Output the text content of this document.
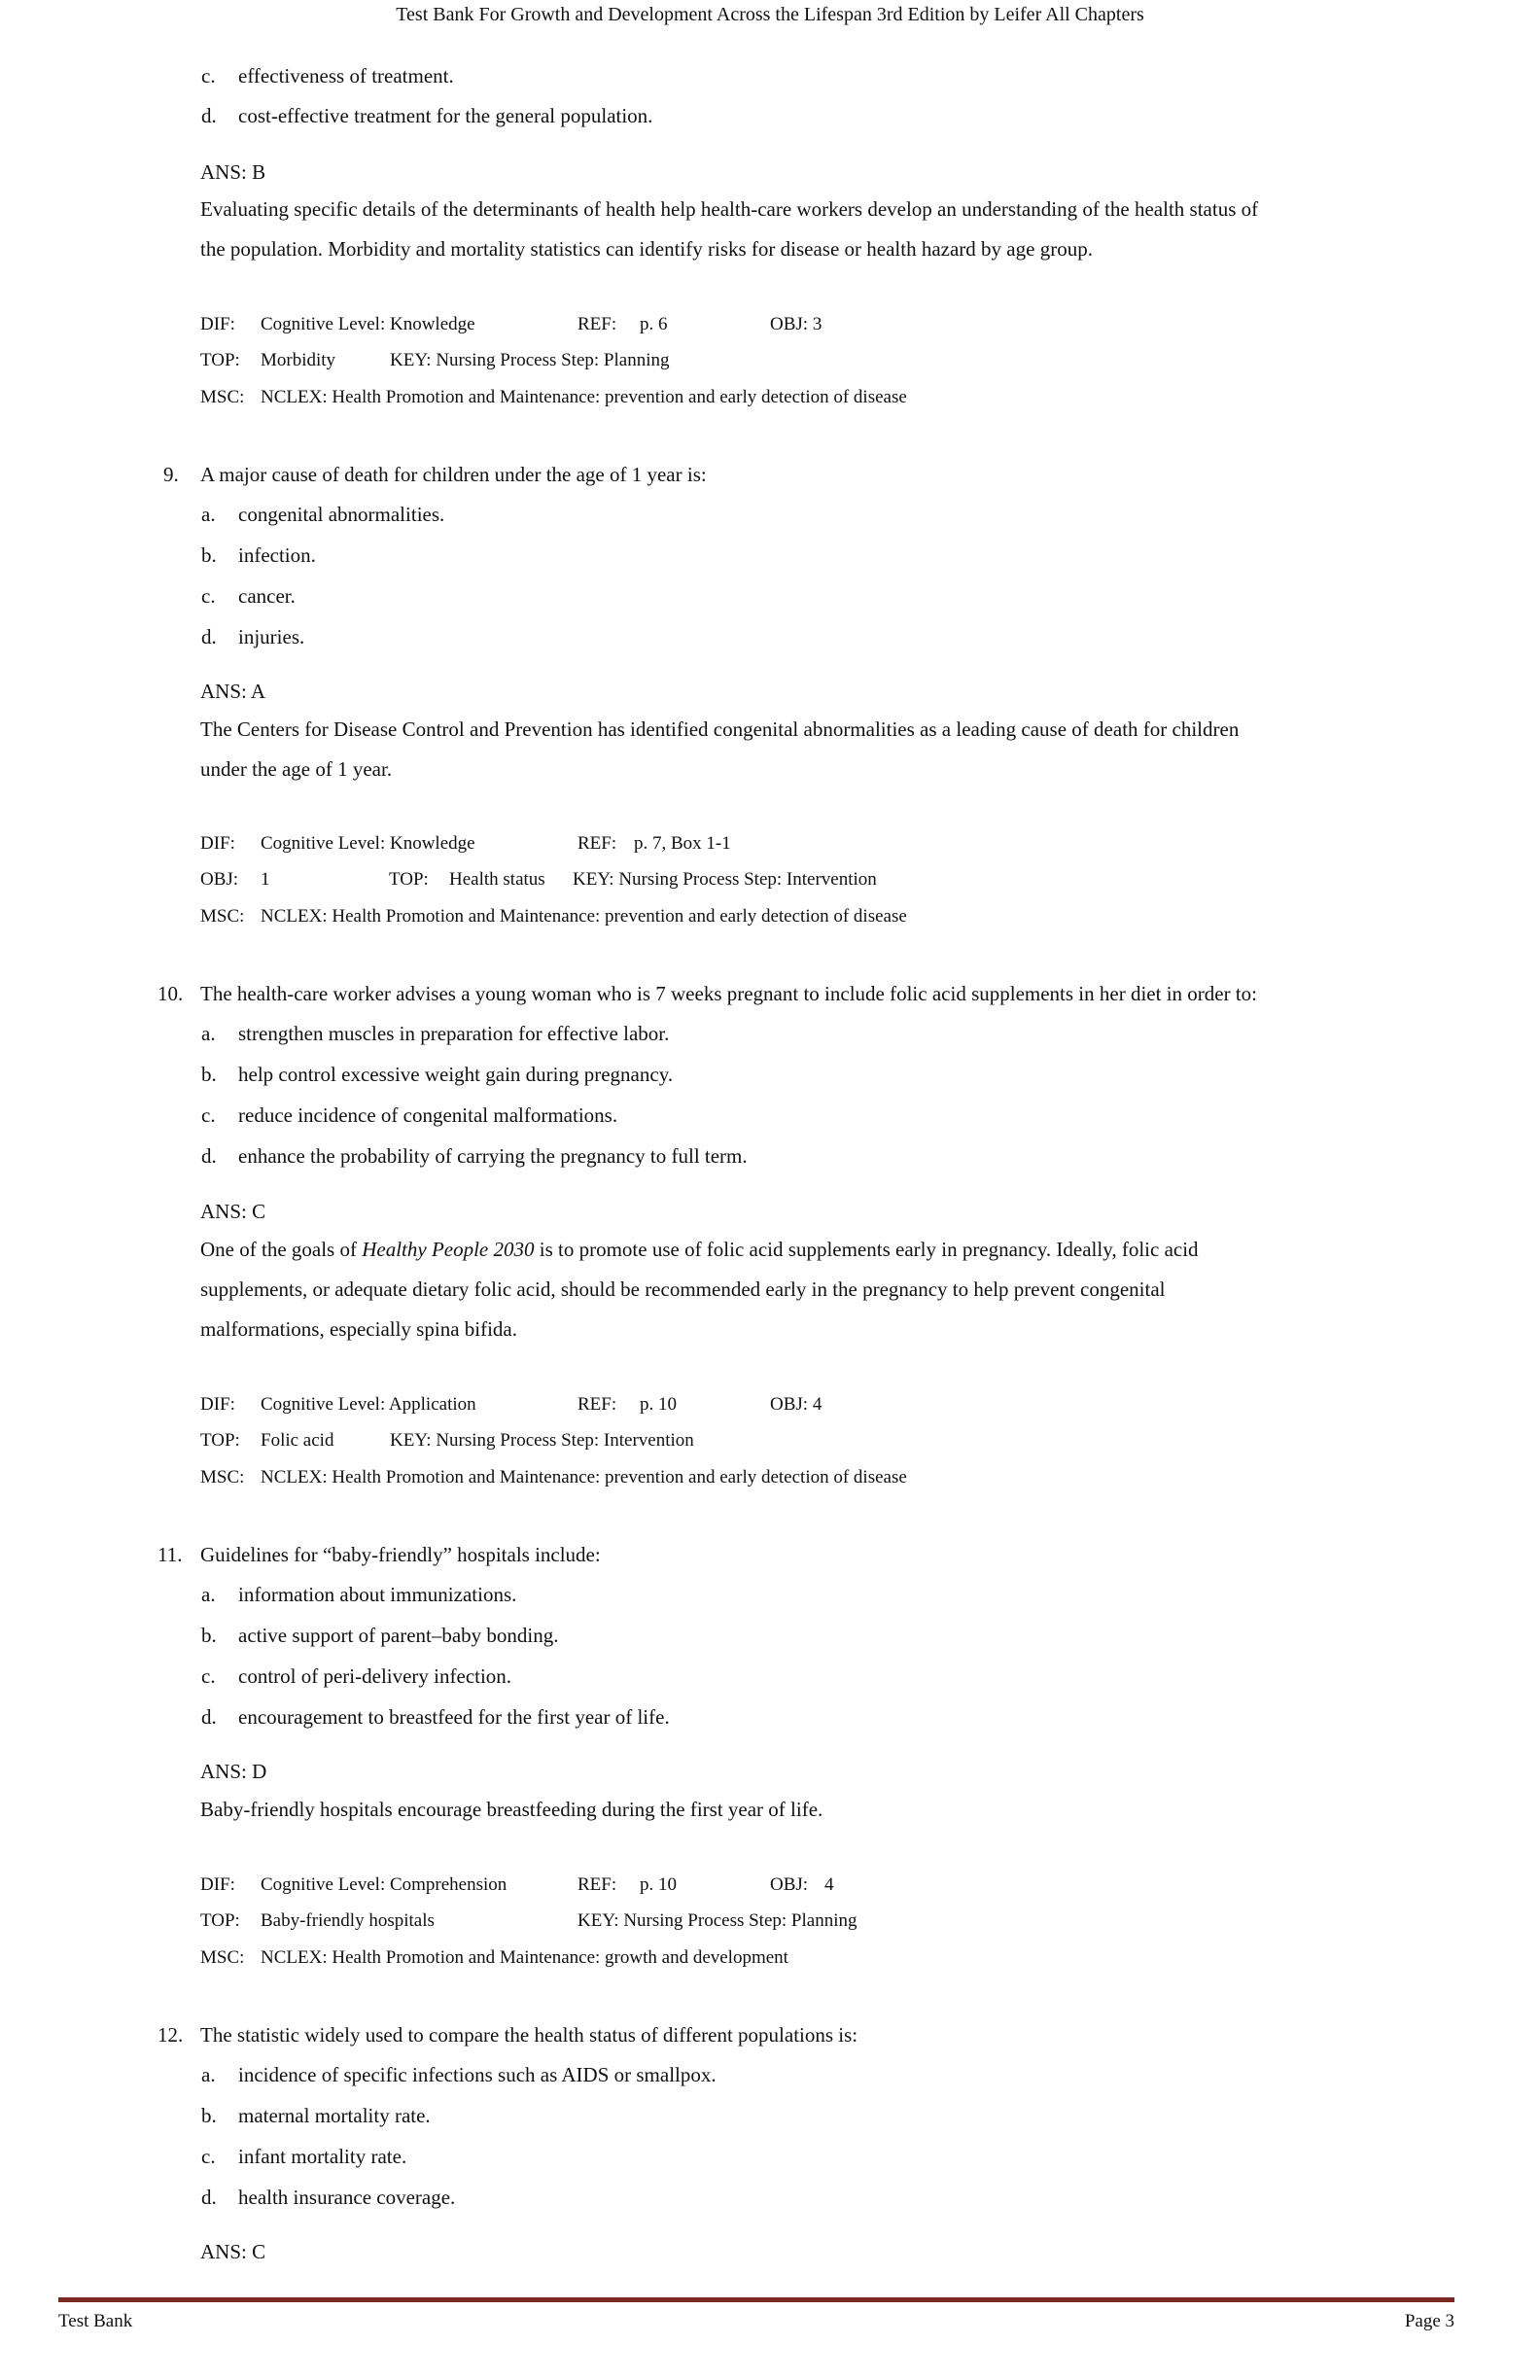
Test Bank For Growth and Development Across the Lifespan 3rd Edition by Leifer All Chapters
c. effectiveness of treatment.
d. cost-effective treatment for the general population.
ANS: B
Evaluating specific details of the determinants of health help health-care workers develop an understanding of the health status of
the population. Morbidity and mortality statistics can identify risks for disease or health hazard by age group.
DIF: Cognitive Level: Knowledge	REF: p. 6	OBJ: 3
TOP: Morbidity	KEY: Nursing Process Step: Planning
MSC: NCLEX: Health Promotion and Maintenance: prevention and early detection of disease
9. A major cause of death for children under the age of 1 year is:
a. congenital abnormalities.
b. infection.
c. cancer.
d. injuries.
ANS: A
The Centers for Disease Control and Prevention has identified congenital abnormalities as a leading cause of death for children
under the age of 1 year.
DIF: Cognitive Level: Knowledge	REF: p. 7, Box 1-1
OBJ: 1	TOP: Health status KEY: Nursing Process Step: Intervention
MSC: NCLEX: Health Promotion and Maintenance: prevention and early detection of disease
10. The health-care worker advises a young woman who is 7 weeks pregnant to include folic acid supplements in her diet in order to:
a. strengthen muscles in preparation for effective labor.
b. help control excessive weight gain during pregnancy.
c. reduce incidence of congenital malformations.
d. enhance the probability of carrying the pregnancy to full term.
ANS: C
One of the goals of Healthy People 2030 is to promote use of folic acid supplements early in pregnancy. Ideally, folic acid
supplements, or adequate dietary folic acid, should be recommended early in the pregnancy to help prevent congenital
malformations, especially spina bifida.
DIF: Cognitive Level: Application	REF: p. 10	OBJ: 4
TOP: Folic acid	KEY: Nursing Process Step: Intervention
MSC: NCLEX: Health Promotion and Maintenance: prevention and early detection of disease
11. Guidelines for “baby-friendly” hospitals include:
a. information about immunizations.
b. active support of parent–baby bonding.
c. control of peri-delivery infection.
d. encouragement to breastfeed for the first year of life.
ANS: D
Baby-friendly hospitals encourage breastfeeding during the first year of life.
DIF: Cognitive Level: Comprehension	REF: p. 10	OBJ: 4
TOP: Baby-friendly hospitals	KEY: Nursing Process Step: Planning
MSC: NCLEX: Health Promotion and Maintenance: growth and development
12. The statistic widely used to compare the health status of different populations is:
a. incidence of specific infections such as AIDS or smallpox.
b. maternal mortality rate.
c. infant mortality rate.
d. health insurance coverage.
ANS: C
Test Bank	Page 3
